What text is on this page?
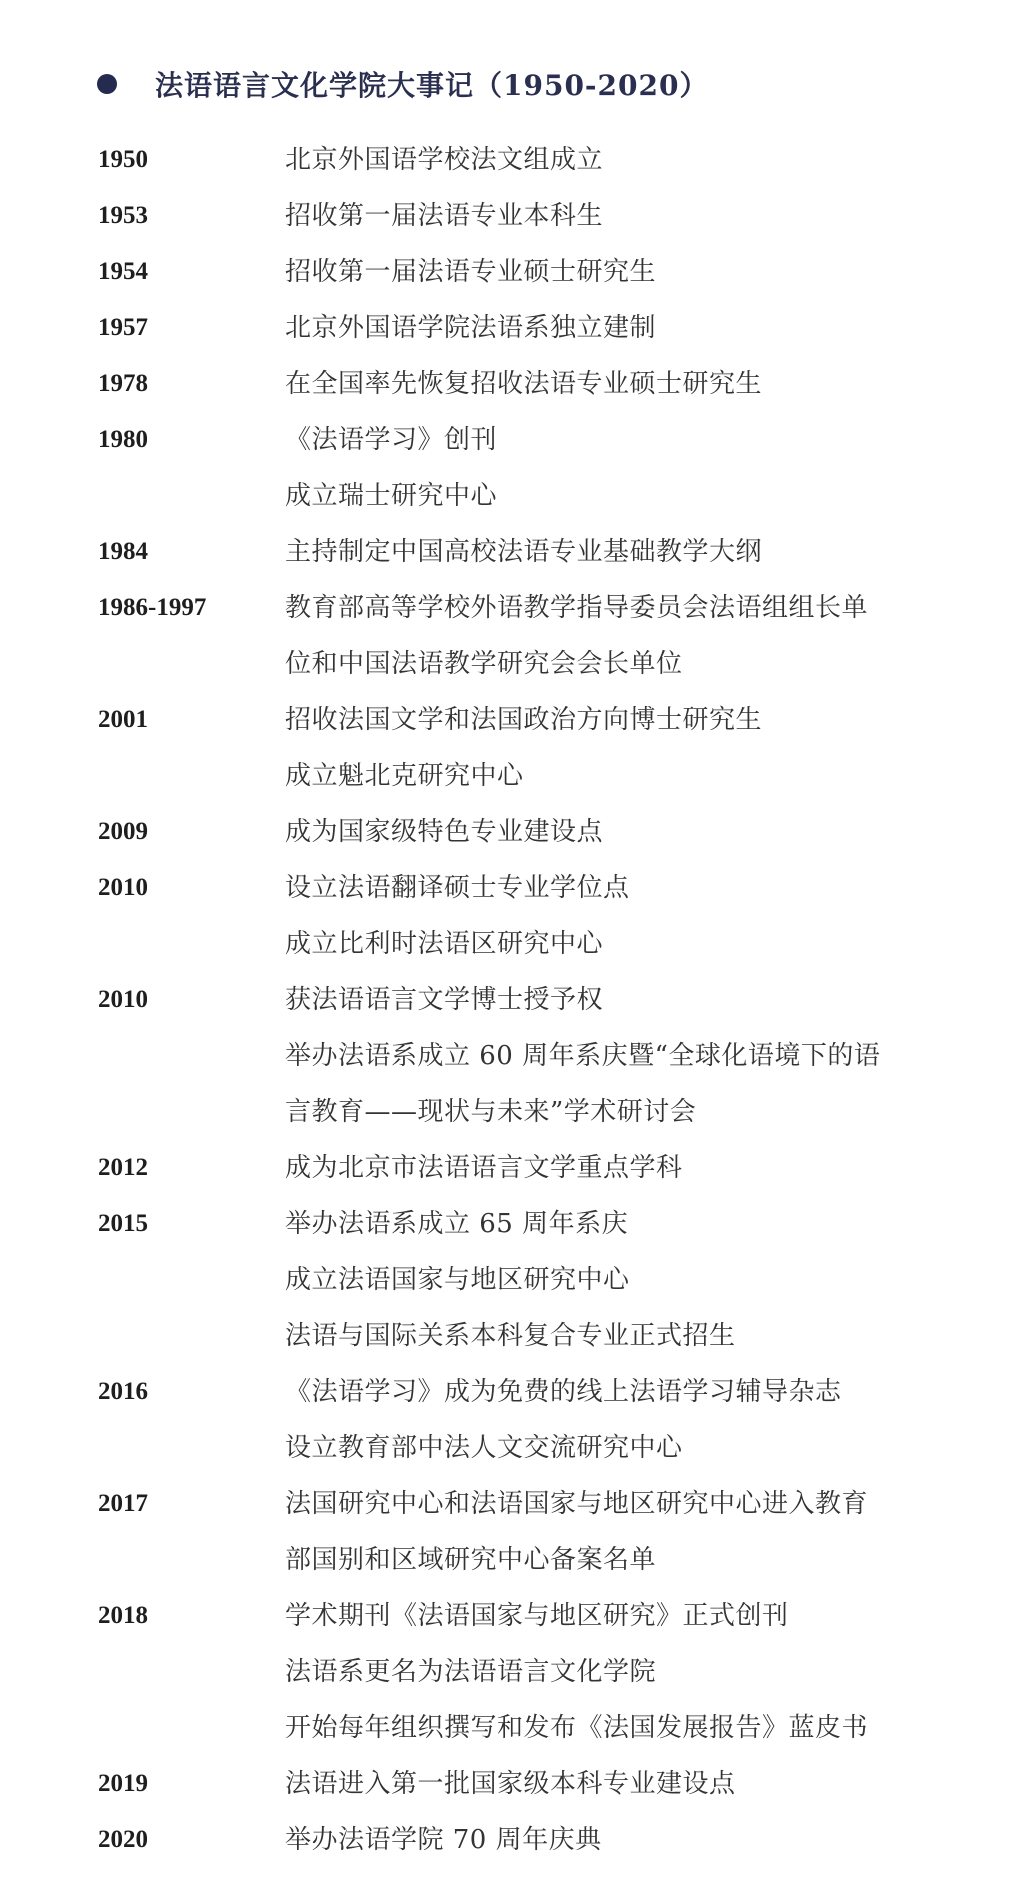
法语语言文化学院大事记（1950-2020）
1950	北京外国语学校法文组成立
1953	招收第一届法语专业本科生
1954	招收第一届法语专业硕士研究生
1957	北京外国语学院法语系独立建制
1978	在全国率先恢复招收法语专业硕士研究生
1980	《法语学习》创刊
成立瑞士研究中心
1984	主持制定中国高校法语专业基础教学大纲
1986-1997	教育部高等学校外语教学指导委员会法语组组长单
位和中国法语教学研究会会长单位
2001	招收法国文学和法国政治方向博士研究生
成立魁北克研究中心
2009	成为国家级特色专业建设点
2010	设立法语翻译硕士专业学位点
成立比利时法语区研究中心
2010	获法语语言文学博士授予权
举办法语系成立 60 周年系庆暨“全球化语境下的语
言教育——现状与未来”学术研讨会
2012	成为北京市法语语言文学重点学科
2015	举办法语系成立 65 周年系庆
成立法语国家与地区研究中心
法语与国际关系本科复合专业正式招生
2016	《法语学习》成为免费的线上法语学习辅导杂志
设立教育部中法人文交流研究中心
2017	法国研究中心和法语国家与地区研究中心进入教育
部国别和区域研究中心备案名单
2018	学术期刊《法语国家与地区研究》正式创刊
法语系更名为法语语言文化学院
开始每年组织撰写和发布《法国发展报告》蓝皮书
2019	法语进入第一批国家级本科专业建设点
2020	举办法语学院 70 周年庆典
